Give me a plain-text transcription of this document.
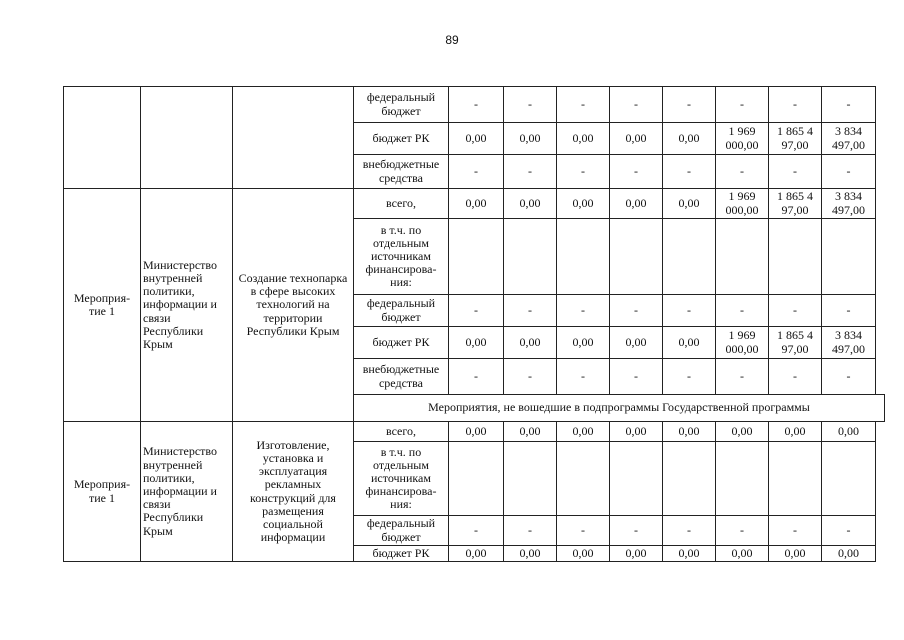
89
			федеральный бюджет	-	-	-	-	-	-	-	-
			бюджет РК	0,00	0,00	0,00	0,00	0,00	1 969 000,00	1 865 4 97,00	3 834 497,00
			внебюджетные средства	-	-	-	-	-	-	-	-
Мероприя-тие 1	Министерство внутренней политики, информации и связи Республики Крым	Создание технопарка в сфере высоких технологий на территории Республики Крым	всего,	0,00	0,00	0,00	0,00	0,00	1 969 000,00	1 865 4 97,00	3 834 497,00
			в т.ч. по отдельным источникам финансирова-ния:								
			федеральный бюджет	-	-	-	-	-	-	-	-
			бюджет РК	0,00	0,00	0,00	0,00	0,00	1 969 000,00	1 865 4 97,00	3 834 497,00
			внебюджетные средства	-	-	-	-	-	-	-	-
			Мероприятия, не вошедшие в подпрограммы Государственной программы								
Мероприя-тие 1	Министерство внутренней политики, информации и связи Республики Крым	Изготовление, установка и эксплуатация рекламных конструкций для размещения социальной информации	всего,	0,00	0,00	0,00	0,00	0,00	0,00	0,00	0,00
			в т.ч. по отдельным источникам финансирова-ния:								
			федеральный бюджет	-	-	-	-	-	-	-	-
			бюджет РК	0,00	0,00	0,00	0,00	0,00	0,00	0,00	0,00
